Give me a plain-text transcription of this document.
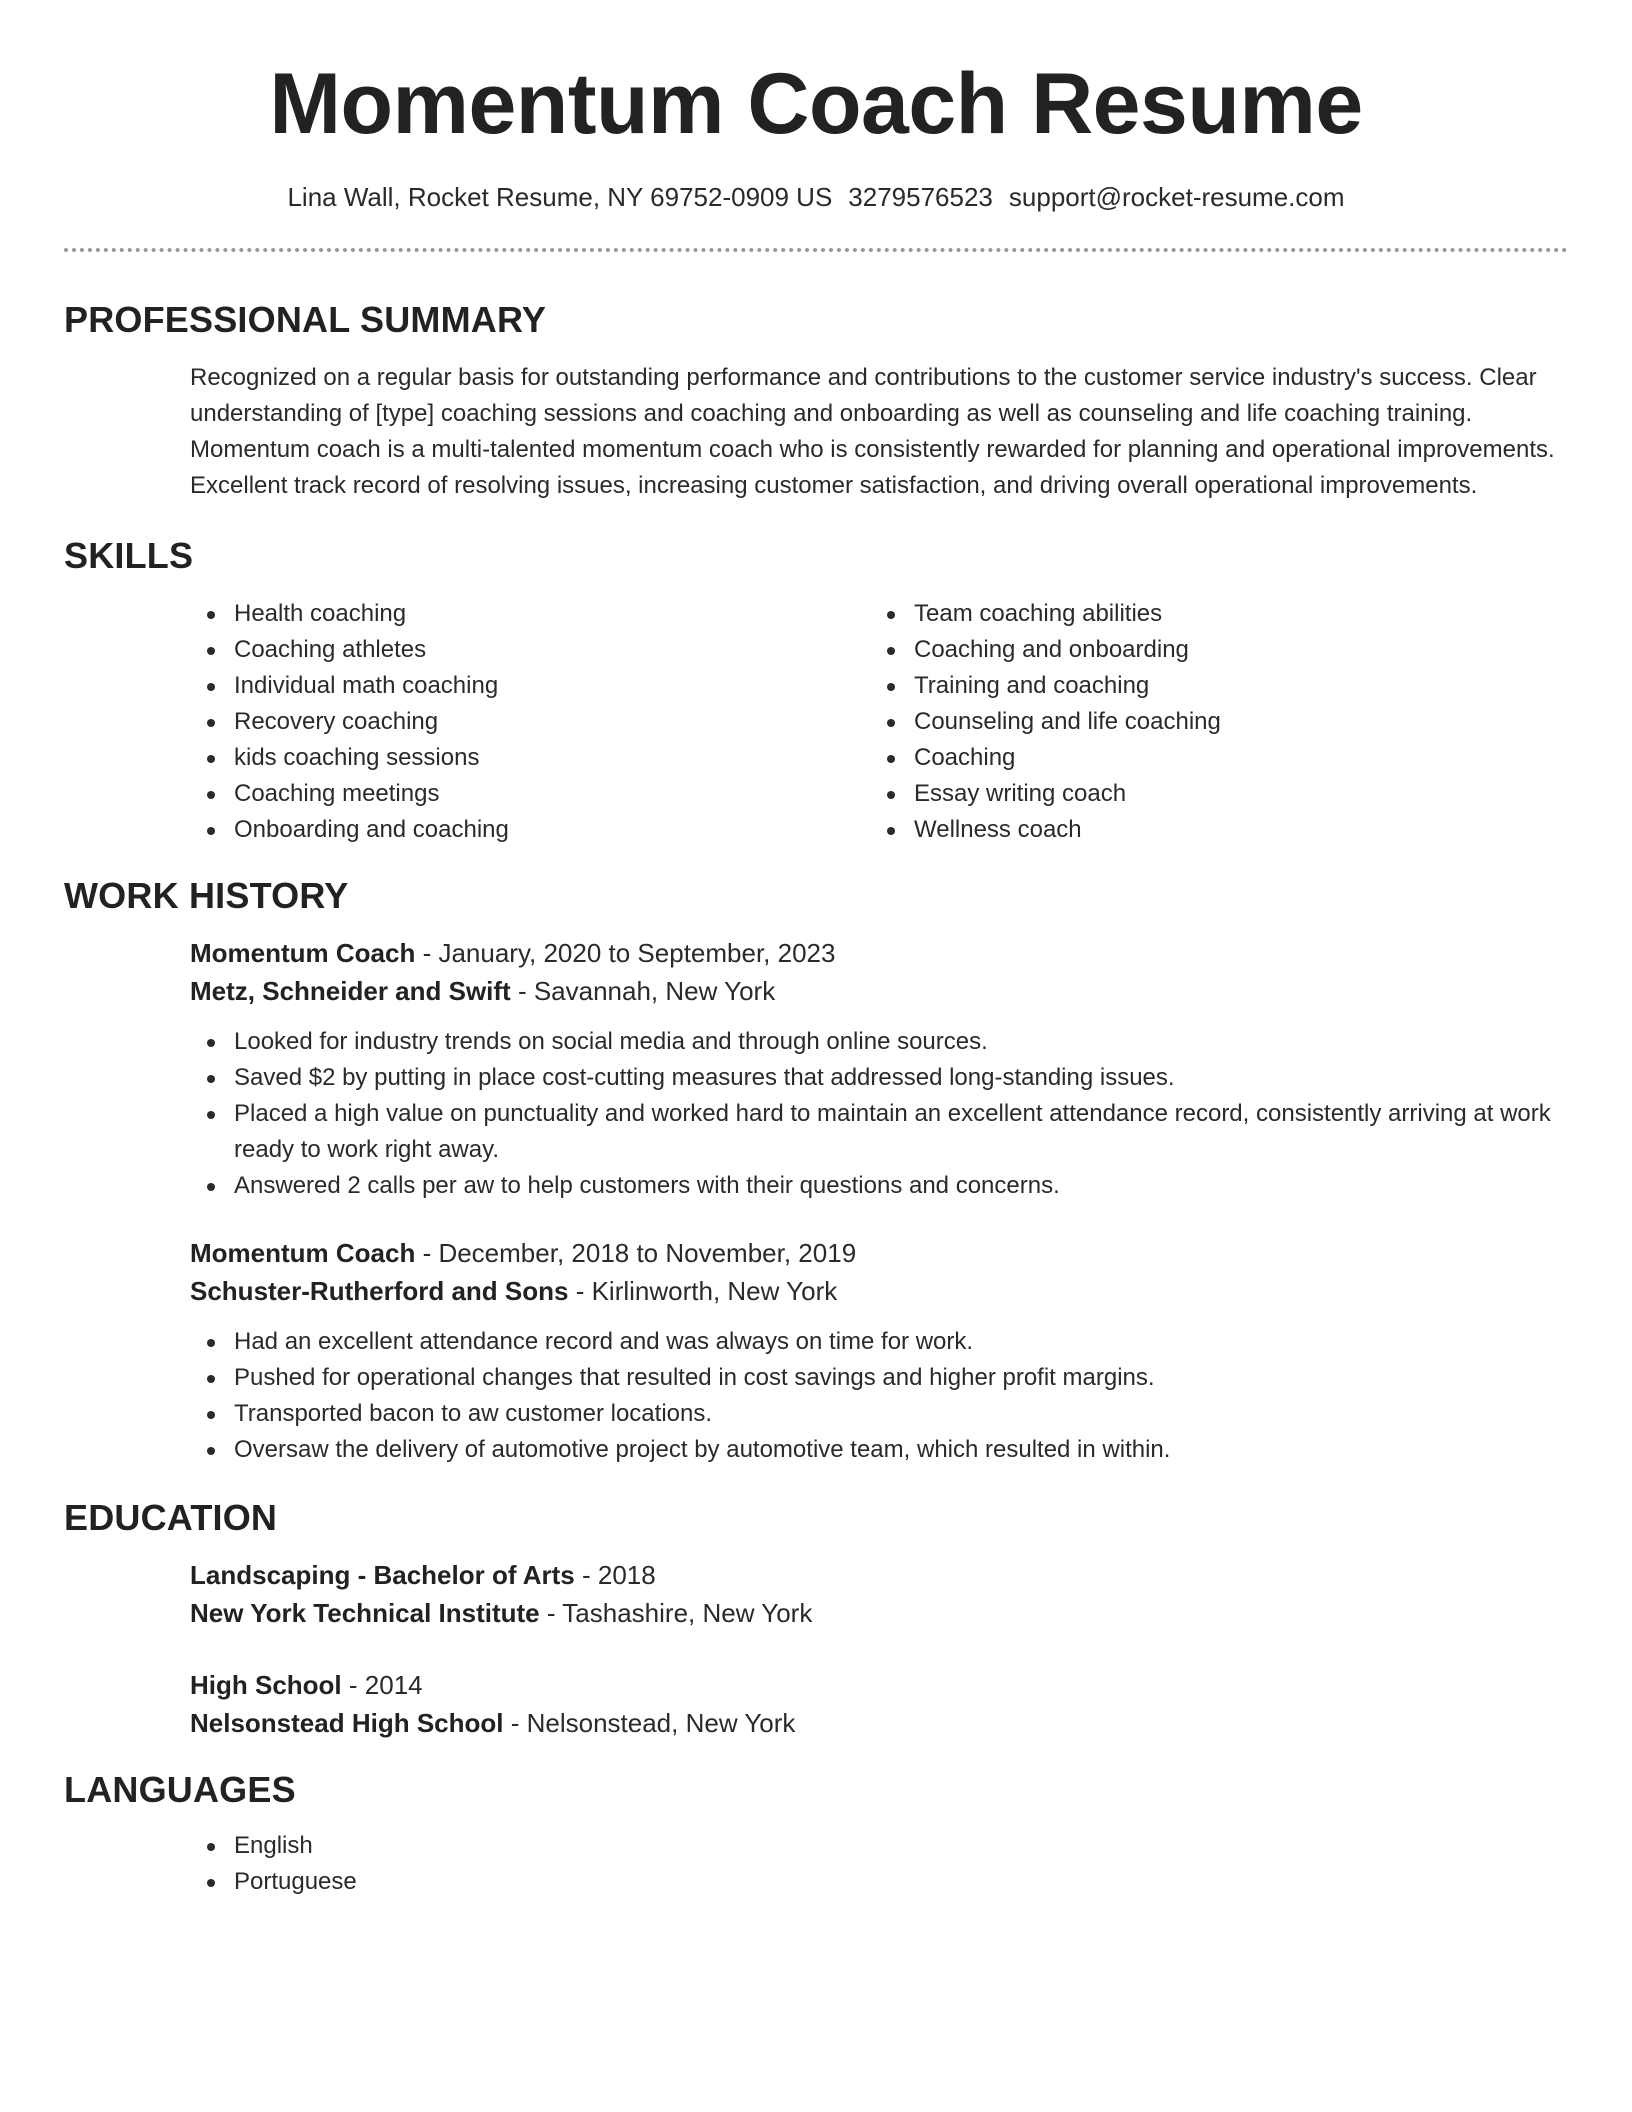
Momentum Coach Resume
Lina Wall, Rocket Resume, NY 69752-0909 US 3279576523 support@rocket-resume.com
PROFESSIONAL SUMMARY

Recognized on a regular basis for outstanding performance and contributions to the customer service industry's success. Clear understanding of [type] coaching sessions and coaching and onboarding as well as counseling and life coaching training. Momentum coach is a multi-talented momentum coach who is consistently rewarded for planning and operational improvements. Excellent track record of resolving issues, increasing customer satisfaction, and driving overall operational improvements.

SKILLS
Health coaching
Coaching athletes
Individual math coaching
Recovery coaching
kids coaching sessions
Coaching meetings
Onboarding and coaching
Team coaching abilities
Coaching and onboarding
Training and coaching
Counseling and life coaching
Coaching
Essay writing coach
Wellness coach
WORK HISTORY
Momentum Coach - January, 2020 to September, 2023
Metz, Schneider and Swift - Savannah, New York
Looked for industry trends on social media and through online sources.
Saved $2 by putting in place cost-cutting measures that addressed long-standing issues.
Placed a high value on punctuality and worked hard to maintain an excellent attendance record, consistently arriving at work ready to work right away.
Answered 2 calls per aw to help customers with their questions and concerns.
Momentum Coach - December, 2018 to November, 2019
Schuster-Rutherford and Sons - Kirlinworth, New York
Had an excellent attendance record and was always on time for work.
Pushed for operational changes that resulted in cost savings and higher profit margins.
Transported bacon to aw customer locations.
Oversaw the delivery of automotive project by automotive team, which resulted in within.
EDUCATION
Landscaping - Bachelor of Arts - 2018
New York Technical Institute - Tashashire, New York
High School - 2014
Nelsonstead High School - Nelsonstead, New York
LANGUAGES
English
Portuguese
